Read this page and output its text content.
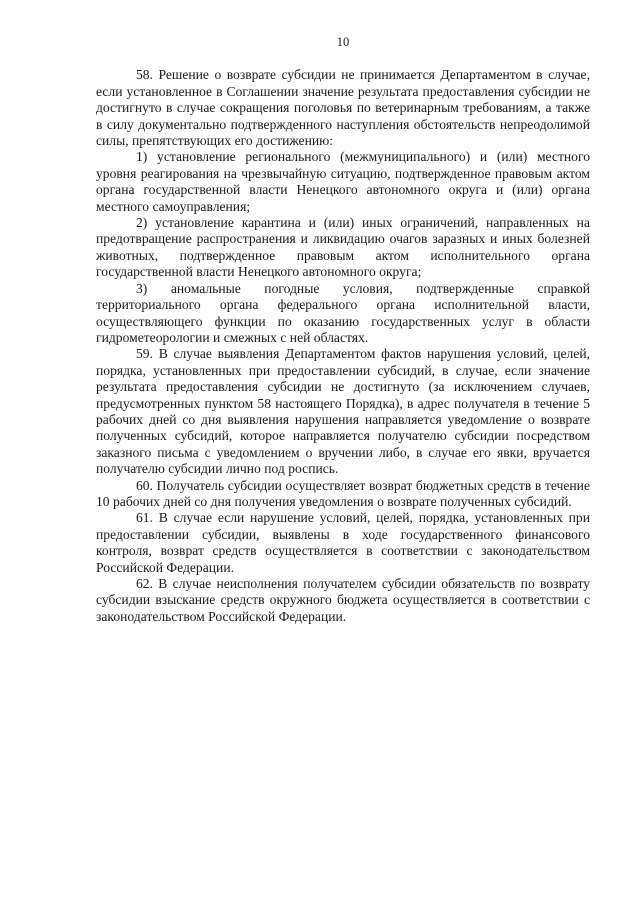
10

58. Решение о возврате субсидии не принимается Департаментом в случае, если установленное в Соглашении значение результата предоставления субсидии не достигнуто в случае сокращения поголовья по ветеринарным требованиям, а также в силу документально подтвержденного наступления обстоятельств непреодолимой силы, препятствующих его достижению:

1) установление регионального (межмуниципального) и (или) местного уровня реагирования на чрезвычайную ситуацию, подтвержденное правовым актом органа государственной власти Ненецкого автономного округа и (или) органа местного самоуправления;

2) установление карантина и (или) иных ограничений, направленных на предотвращение распространения и ликвидацию очагов заразных и иных болезней животных, подтвержденное правовым актом исполнительного органа государственной власти Ненецкого автономного округа;

3) аномальные погодные условия, подтвержденные справкой территориального органа федерального органа исполнительной власти, осуществляющего функции по оказанию государственных услуг в области гидрометеорологии и смежных с ней областях.

59. В случае выявления Департаментом фактов нарушения условий, целей, порядка, установленных при предоставлении субсидий, в случае, если значение результата предоставления субсидии не достигнуто (за исключением случаев, предусмотренных пунктом 58 настоящего Порядка), в адрес получателя в течение 5 рабочих дней со дня выявления нарушения направляется уведомление о возврате полученных субсидий, которое направляется получателю субсидии посредством заказного письма с уведомлением о вручении либо, в случае его явки, вручается получателю субсидии лично под роспись.

60. Получатель субсидии осуществляет возврат бюджетных средств в течение 10 рабочих дней со дня получения уведомления о возврате полученных субсидий.

61. В случае если нарушение условий, целей, порядка, установленных при предоставлении субсидии, выявлены в ходе государственного финансового контроля, возврат средств осуществляется в соответствии с законодательством Российской Федерации.

62. В случае неисполнения получателем субсидии обязательств по возврату субсидии взыскание средств окружного бюджета осуществляется в соответствии с законодательством Российской Федерации.
